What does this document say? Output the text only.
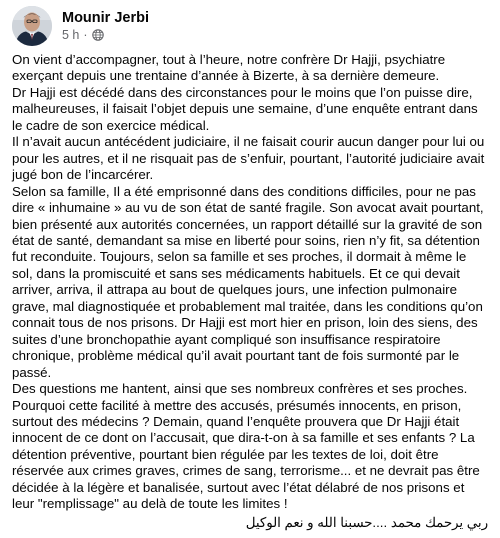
Mounir Jerbi
5 h ·

On vient d’accompagner, tout à l’heure, notre confrère Dr Hajji, psychiatre exerçant depuis une trentaine d’année à Bizerte, à sa dernière demeure.

Dr Hajji est décédé dans des circonstances pour le moins que l’on puisse dire, malheureuses, il faisait l’objet depuis une semaine, d’une enquête entrant dans le cadre de son exercice médical.

Il n’avait aucun antécédent judiciaire, il ne faisait courir aucun danger pour lui ou pour les autres, et il ne risquait pas de s’enfuir, pourtant, l’autorité judiciaire avait jugé bon de l’incarcérer.

Selon sa famille, Il a été emprisonné dans des conditions difficiles, pour ne pas dire « inhumaine » au vu de son état de santé fragile. Son avocat avait pourtant, bien présenté aux autorités concernées, un rapport détaillé sur la gravité de son état de santé, demandant sa mise en liberté pour soins, rien n’y fit, sa détention fut reconduite. Toujours, selon sa famille et ses proches, il dormait à même le sol, dans la promiscuité et sans ses médicaments habituels. Et ce qui devait arriver, arriva, il attrapa au bout de quelques jours, une infection pulmonaire grave, mal diagnostiquée et probablement mal traitée, dans les conditions qu’on connait tous de nos prisons. Dr Hajji est mort hier en prison, loin des siens, des suites d’une bronchopathie ayant compliqué son insuffisance respiratoire chronique, problème médical qu’il avait pourtant tant de fois surmonté par le passé.

Des questions me hantent, ainsi que ses nombreux confrères et ses proches. Pourquoi cette facilité à mettre des accusés, présumés innocents, en prison, surtout des médecins ? Demain, quand l’enquête prouvera que Dr Hajji était innocent de ce dont on l’accusait, que dira-t-on à sa famille et ses enfants ? La détention préventive, pourtant bien régulée par les textes de loi, doit être réservée aux crimes graves, crimes de sang, terrorisme... et ne devrait pas être décidée à la légère et banalisée, surtout avec l’état délabré de nos prisons et leur "remplissage" au delà de toute les limites !

ربي يرحمك محمد ....حسبنا الله و نعم الوكيل
